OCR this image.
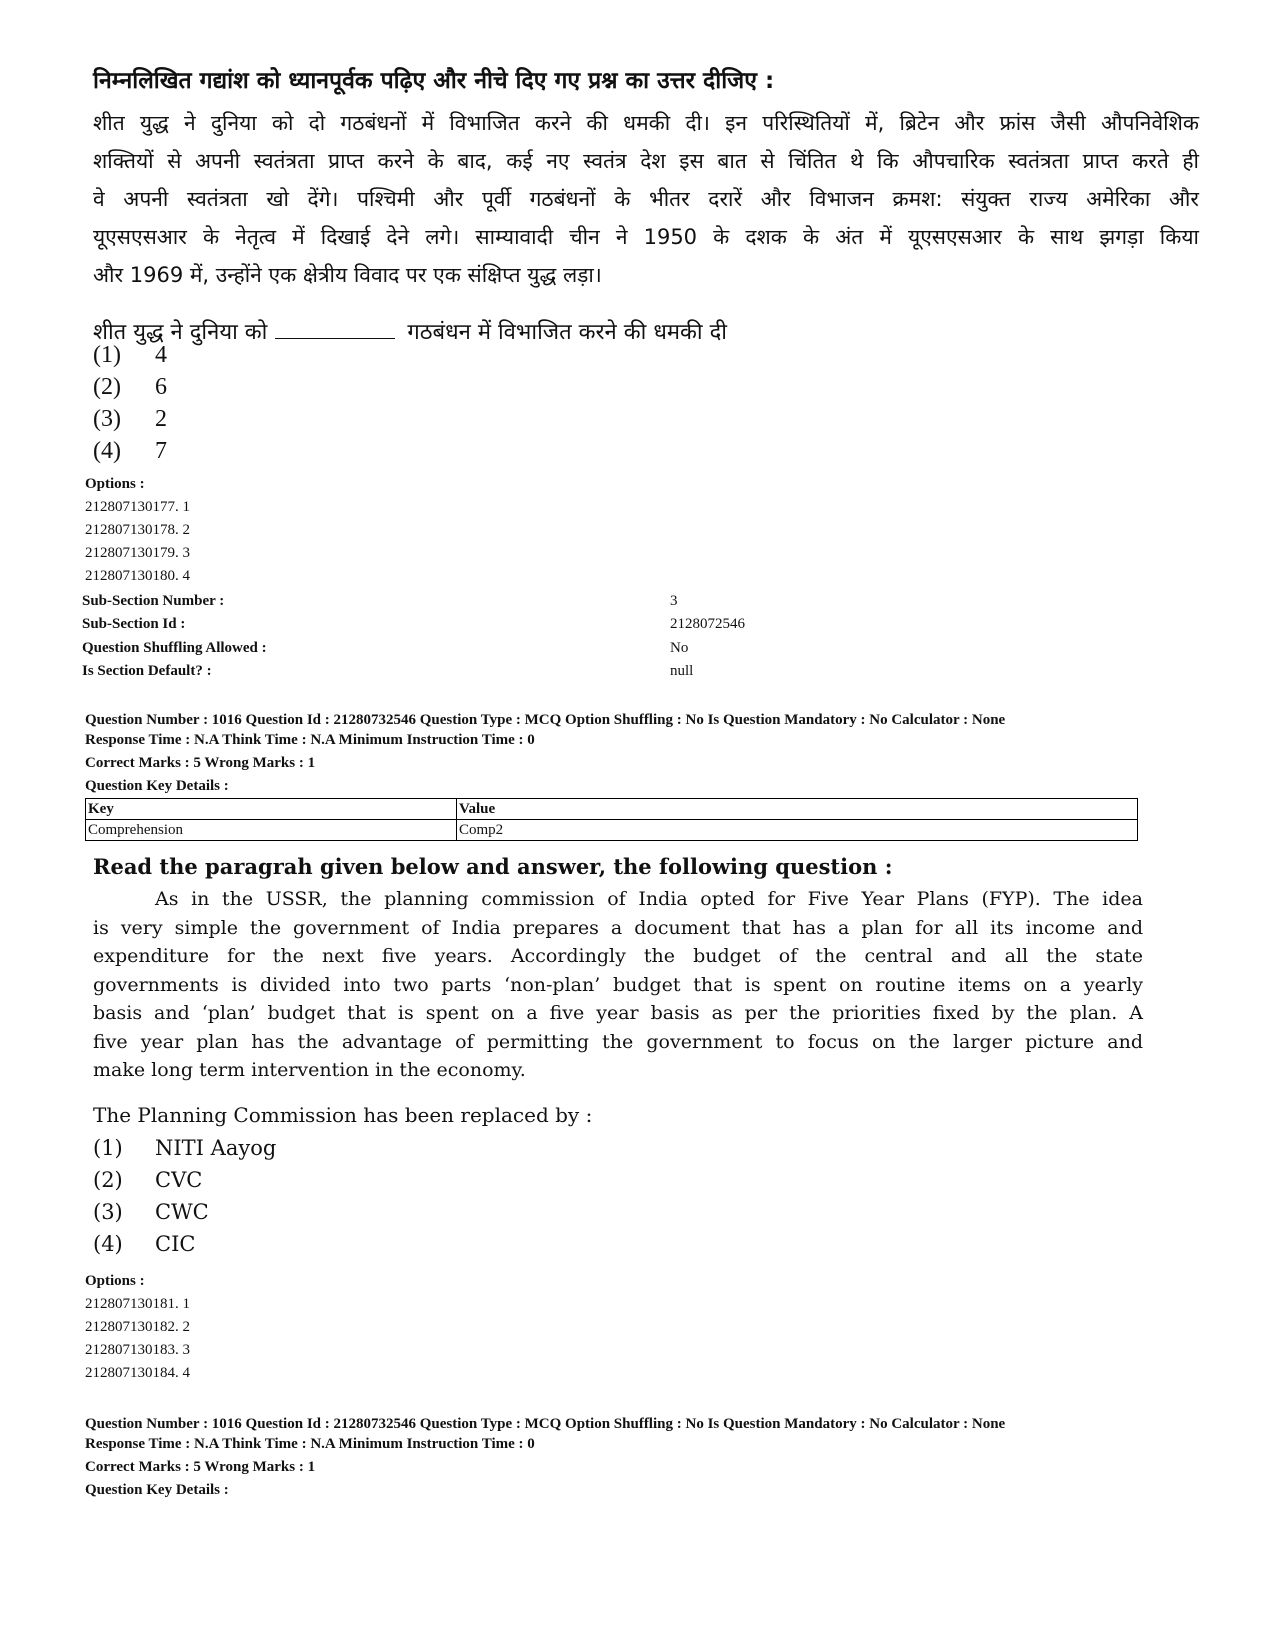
निम्नलिखित गद्यांश को ध्यानपूर्वक पढ़िए और नीचे दिए गए प्रश्न का उत्तर दीजिए :
शीत युद्ध ने दुनिया को दो गठबंधनों में विभाजित करने की धमकी दी। इन परिस्थितियों में, ब्रिटेन और फ्रांस जैसी औपनिवेशिक
शक्तियों से अपनी स्वतंत्रता प्राप्त करने के बाद, कई नए स्वतंत्र देश इस बात से चिंतित थे कि औपचारिक स्वतंत्रता प्राप्त करते ही
वे अपनी स्वतंत्रता खो देंगे। पश्चिमी और पूर्वी गठबंधनों के भीतर दरारें और विभाजन क्रमश: संयुक्त राज्य अमेरिका और
यूएसएसआर के नेतृत्व में दिखाई देने लगे। साम्यावादी चीन ने 1950 के दशक के अंत में यूएसएसआर के साथ झगड़ा किया
और 1969 में, उन्होंने एक क्षेत्रीय विवाद पर एक संक्षिप्त युद्ध लड़ा।
शीत युद्ध ने दुनिया को	गठबंधन में विभाजित करने की धमकी दी
(1)	4
(2)	6
(3)	2
(4)	7
Options :
212807130177. 1
212807130178. 2
212807130179. 3
212807130180. 4
Sub-Section Number :	3
Sub-Section Id :	2128072546
Question Shuffling Allowed :	No
Is Section Default? :	null
Question Number : 1016 Question Id : 21280732546 Question Type : MCQ Option Shuffling : No Is Question Mandatory : No Calculator : None
Response Time : N.A Think Time : N.A Minimum Instruction Time : 0
Correct Marks : 5 Wrong Marks : 1
Question Key Details :
Key	Value
Comprehension	Comp2
Read the paragrah given below and answer, the following question :
As in the USSR, the planning commission of India opted for Five Year Plans (FYP). The idea
is very simple the government of India prepares a document that has a plan for all its income and
expenditure for the next five years. Accordingly the budget of the central and all the state
governments is divided into two parts ‘non-plan’ budget that is spent on routine items on a yearly
basis and ‘plan’ budget that is spent on a five year basis as per the priorities fixed by the plan. A
five year plan has the advantage of permitting the government to focus on the larger picture and
make long term intervention in the economy.
The Planning Commission has been replaced by :
(1)	NITI Aayog
(2)	CVC
(3)	CWC
(4)	CIC
Options :
212807130181. 1
212807130182. 2
212807130183. 3
212807130184. 4
Question Number : 1016 Question Id : 21280732546 Question Type : MCQ Option Shuffling : No Is Question Mandatory : No Calculator : None
Response Time : N.A Think Time : N.A Minimum Instruction Time : 0
Correct Marks : 5 Wrong Marks : 1
Question Key Details :
